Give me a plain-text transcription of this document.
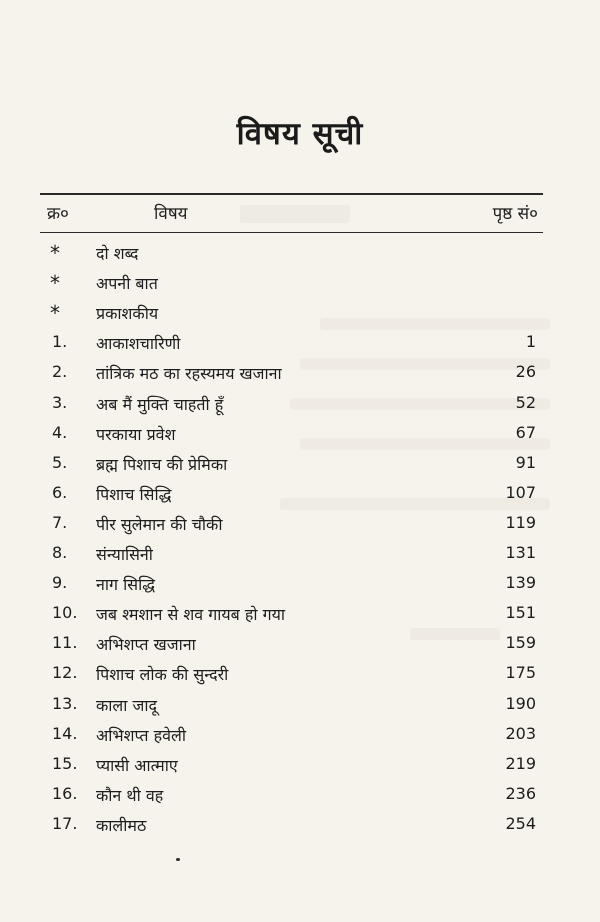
विषय सूची
क्र०	विषय	पृष्ठ सं०
* दो शब्द
* अपनी बात
* प्रकाशकीय
1. आकाशचारिणी	1
2. तांत्रिक मठ का रहस्यमय खजाना	26
3. अब मैं मुक्ति चाहती हूँ	52
4. परकाया प्रवेश	67
5. ब्रह्म पिशाच की प्रेमिका	91
6. पिशाच सिद्धि	107
7. पीर सुलेमान की चौकी	119
8. संन्यासिनी	131
9. नाग सिद्धि	139
10. जब श्मशान से शव गायब हो गया	151
11. अभिशप्त खजाना	159
12. पिशाच लोक की सुन्दरी	175
13. काला जादू	190
14. अभिशप्त हवेली	203
15. प्यासी आत्माए	219
16. कौन थी वह	236
17. कालीमठ	254
